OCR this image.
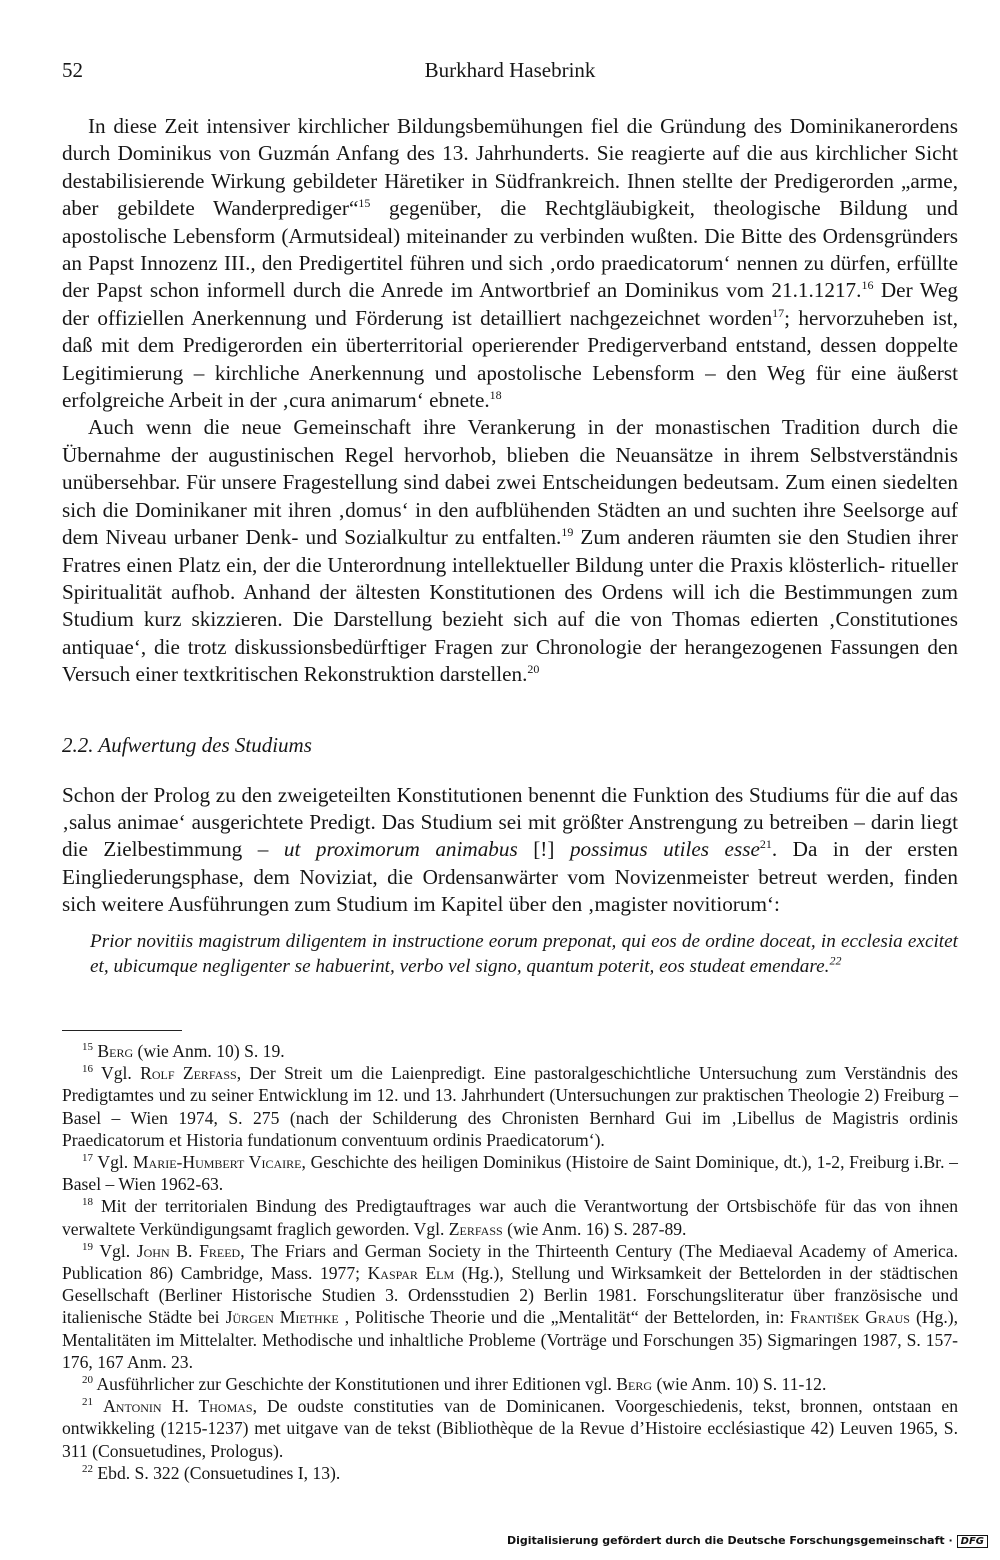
52	Burkhard Hasebrink

In diese Zeit intensiver kirchlicher Bildungsbemühungen fiel die Gründung des Dominikanerordens durch Dominikus von Guzmán Anfang des 13. Jahrhunderts. Sie reagierte auf die aus kirchlicher Sicht destabilisierende Wirkung gebildeter Häretiker in Südfrankreich. Ihnen stellte der Predigerorden „arme, aber gebildete Wanderprediger“$^{15}$ gegenüber, die Rechtgläubigkeit, theologische Bildung und apostolische Lebensform (Armutsideal) miteinander zu verbinden wußten. Die Bitte des Ordensgründers an Papst Innozenz III., den Predigertitel führen und sich ‚ordo praedicatorum‘ nennen zu dürfen, erfüllte der Papst schon informell durch die Anrede im Antwortbrief an Dominikus vom 21.1.1217.16 Der Weg der offiziellen Anerkennung und Förderung ist detailliert nachgezeichnet worden$^{17}$; hervorzuheben ist, daß mit dem Predigerorden ein überterritorial operierender Predigerverband entstand, dessen doppelte Legitimierung – kirchliche Anerkennung und apostolische Lebensform – den Weg für eine äußerst erfolgreiche Arbeit in der ‚cura animarum‘ ebnete.$^{18}$

Auch wenn die neue Gemeinschaft ihre Verankerung in der monastischen Tradition durch die Übernahme der augustinischen Regel hervorhob, blieben die Neuansätze in ihrem Selbstverständnis unübersehbar. Für unsere Fragestellung sind dabei zwei Entscheidungen bedeutsam. Zum einen siedelten sich die Dominikaner mit ihren ‚domus‘ in den aufblühenden Städten an und suchten ihre Seelsorge auf dem Niveau urbaner Denk- und Sozialkultur zu entfalten.$^{19}$ Zum anderen räumten sie den Studien ihrer Fratres einen Platz ein, der die Unterordnung intellektueller Bildung unter die Praxis klösterlich- ritueller Spiritualität aufhob. Anhand der ältesten Konstitutionen des Ordens will ich die Bestimmungen zum Studium kurz skizzieren. Die Darstellung bezieht sich auf die von Thomas edierten ‚Constitutiones antiquae‘, die trotz diskussionsbedürftiger Fragen zur Chronologie der herangezogenen Fassungen den Versuch einer textkritischen Rekonstruktion darstellen.$^{20}$

2.2. Aufwertung des Studiums

Schon der Prolog zu den zweigeteilten Konstitutionen benennt die Funktion des Studiums für die auf das ‚salus animae‘ ausgerichtete Predigt. Das Studium sei mit größter Anstrengung zu betreiben – darin liegt die Zielbestimmung – ut proximorum animabus [!] possimus utiles esse$^{21}$. Da in der ersten Eingliederungsphase, dem Noviziat, die Ordensanwärter vom Novizenmeister betreut werden, finden sich weitere Ausführungen zum Studium im Kapitel über den ‚magister novitiorum‘:

Prior novitiis magistrum diligentem in instructione eorum preponat, qui eos de ordine doceat, in ecclesia excitet et, ubicumque negligenter se habuerint, verbo vel signo, quantum poterit, eos studeat emendare.$^{22}$

$^{15}$ Berg (wie Anm. 10) S. 19.

$^{16}$ Vgl. Rolf Zerfass, Der Streit um die Laienpredigt. Eine pastoralgeschichtliche Untersuchung zum Verständnis des Predigtamtes und zu seiner Entwicklung im 12. und 13. Jahrhundert (Untersuchungen zur praktischen Theologie 2) Freiburg – Basel – Wien 1974, S. 275 (nach der Schilderung des Chronisten Bernhard Gui im ‚Libellus de Magistris ordinis Praedicatorum et Historia fundationum conventuum ordinis Praedicatorum‘).

$^{17}$ Vgl. Marie-Humbert Vicaire, Geschichte des heiligen Dominikus (Histoire de Saint Dominique, dt.), 1-2, Freiburg i.Br. – Basel – Wien 1962-63.

$^{18}$ Mit der territorialen Bindung des Predigtauftrages war auch die Verantwortung der Ortsbischöfe für das von ihnen verwaltete Verkündigungsamt fraglich geworden. Vgl. Zerfass (wie Anm. 16) S. 287-89.

$^{19}$ Vgl. John B. Freed, The Friars and German Society in the Thirteenth Century (The Mediaeval Academy of America. Publication 86) Cambridge, Mass. 1977; Kaspar Elm (Hg.), Stellung und Wirksamkeit der Bettelorden in der städtischen Gesellschaft (Berliner Historische Studien 3. Ordensstudien 2) Berlin 1981. Forschungsliteratur über französische und italienische Städte bei Jürgen Miethke , Politische Theorie und die „Mentalität“ der Bettelorden, in: František Graus (Hg.), Mentalitäten im Mittelalter. Methodische und inhaltliche Probleme (Vorträge und Forschungen 35) Sigmaringen 1987, S. 157- 176, 167 Anm. 23.

$^{20}$ Ausführlicher zur Geschichte der Konstitutionen und ihrer Editionen vgl. Berg (wie Anm. 10) S. 11-12.

$^{21}$ Antonin H. Thomas, De oudste constituties van de Dominicanen. Voorgeschiedenis, tekst, bronnen, ontstaan en ontwikkeling (1215-1237) met uitgave van de tekst (Bibliothèque de la Revue d’Histoire ecclésiastique 42) Leuven 1965, S. 311 (Consuetudines, Prologus).

$^{22}$ Ebd. S. 322 (Consuetudines I, 13).

Digitalisierung gefördert durch die Deutsche Forschungsgemeinschaft · DFG
